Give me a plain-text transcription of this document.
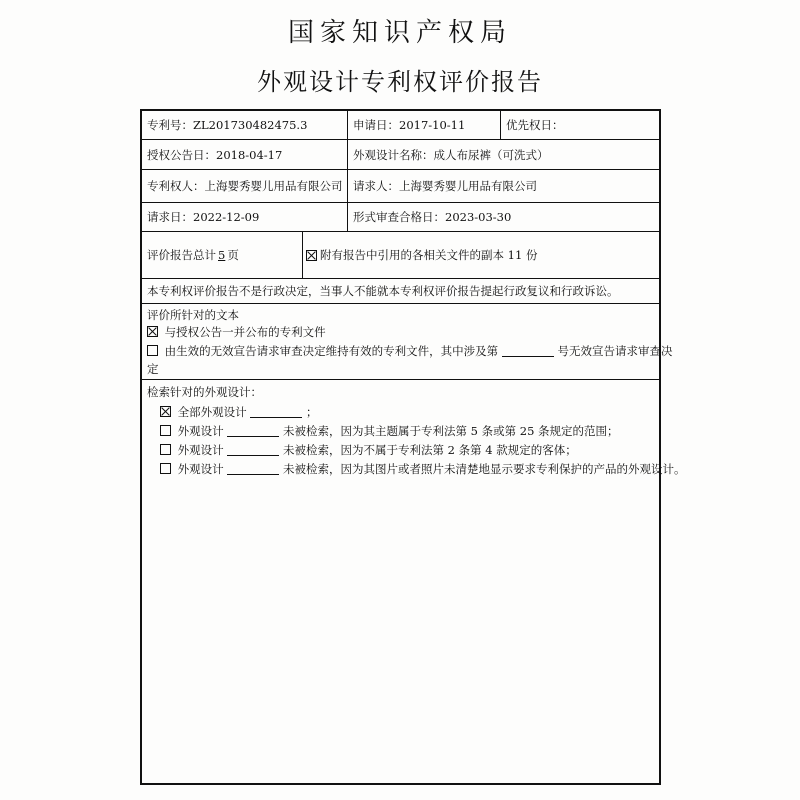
国家知识产权局
外观设计专利权评价报告
专利号：ZL201730482475.3	申请日：2017-10-11	优先权日：
授权公告日：2018-04-17	外观设计名称：成人布尿裤（可洗式）
专利权人：上海婴秀婴儿用品有限公司 请求人：上海婴秀婴儿用品有限公司
请求日：2022-12-09	形式审查合格日：2023-03-30
评价报告总计 5 页	附有报告中引用的各相关文件的副本 11 份
本专利权评价报告不是行政决定，当事人不能就本专利权评价报告提起行政复议和行政诉讼。
评价所针对的文本
与授权公告一并公布的专利文件
由生效的无效宣告请求审查决定维持有效的专利文件，其中涉及第	号无效宣告请求审查决
定
检索针对的外观设计：
全部外观设计	；
外观设计	未被检索，因为其主题属于专利法第 5 条或第 25 条规定的范围；
外观设计	未被检索，因为不属于专利法第 2 条第 4 款规定的客体；
外观设计	未被检索，因为其图片或者照片未清楚地显示要求专利保护的产品的外观设计。
